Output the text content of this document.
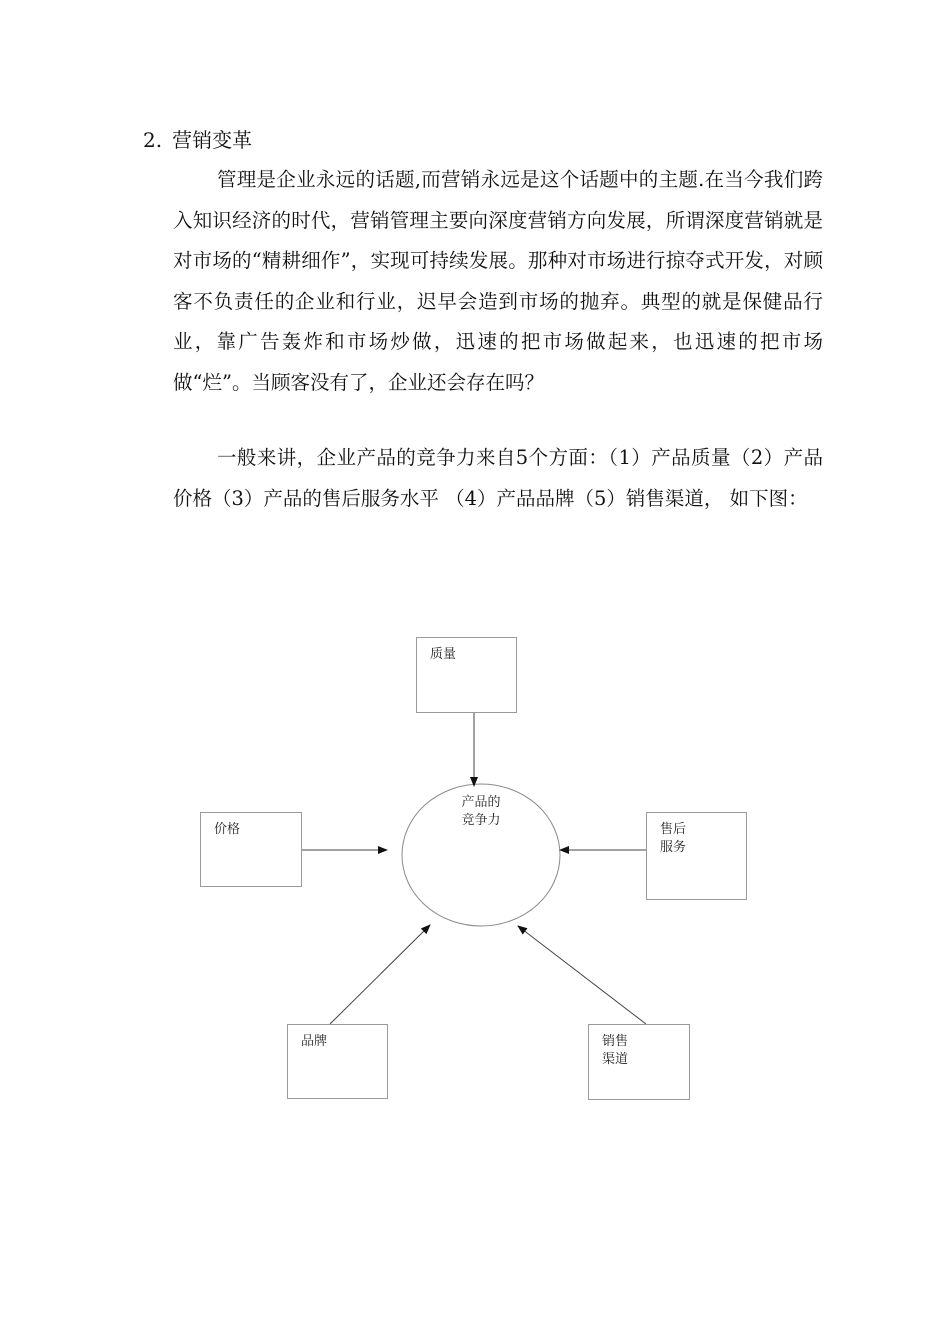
2. 营销变革

管理是企业永远的话题,而营销永远是这个话题中的主题.在当今我们跨入知识经济的时代，营销管理主要向深度营销方向发展，所谓深度营销就是对市场的“精耕细作”，实现可持续发展。那种对市场进行掠夺式开发，对顾客不负责任的企业和行业，迟早会造到市场的抛弃。典型的就是保健品行业，靠广告轰炸和市场炒做，迅速的把市场做起来，也迅速的把市场做“烂”。当顾客没有了，企业还会存在吗？

一般来讲，企业产品的竞争力来自5个方面：（1）产品质量（2）产品价格（3）产品的售后服务水平 （4）产品品牌（5）销售渠道， 如下图：

产品的
竞争力
质量
价格	售后
服务
品牌	销售
渠道
